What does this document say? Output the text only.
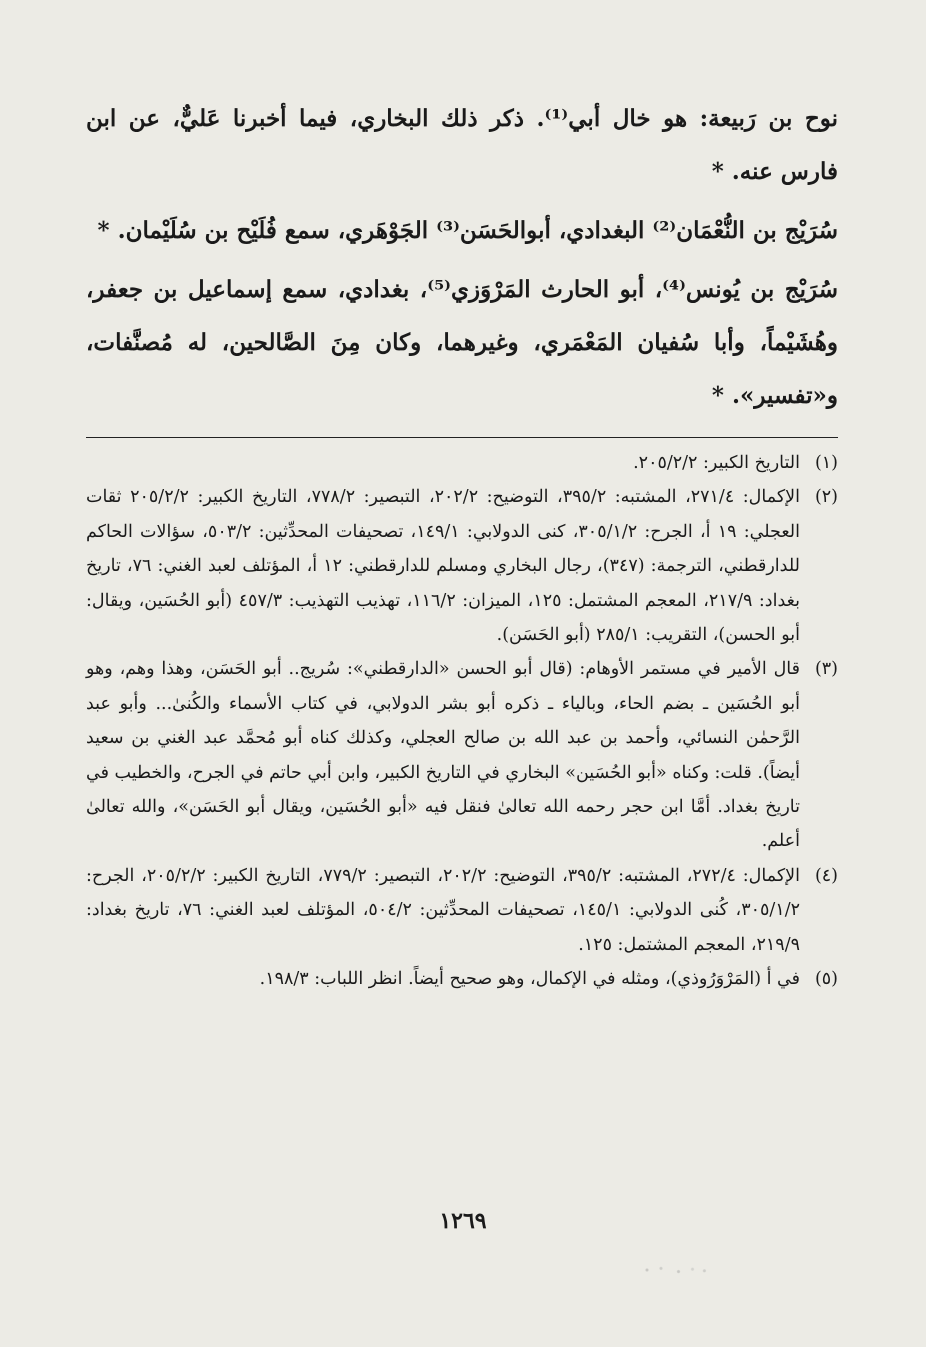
نوح بن رَبيعة: هو خال أبي⁽¹⁾. ذكر ذلك البخاري، فيما أخبرنا عَليٌّ، عن ابن فارس عنه. *

سُرَيْج بن النُّعْمَان⁽²⁾ البغدادي، أبوالحَسَن⁽³⁾ الجَوْهَري، سمع فُلَيْح بن سُلَيْمان. *

سُرَيْج بن يُونس⁽⁴⁾، أبو الحارث المَرْوَزي⁽⁵⁾، بغدادي، سمع إسماعيل بن جعفر، وهُشَيْماً، وأبا سُفيان المَعْمَري، وغيرهما، وكان مِنَ الصَّالحين، له مُصنَّفات، و«تفسير». *

(١)
التاريخ الكبير: ٢٠٥/٢/٢.
(٢)
الإكمال: ٢٧١/٤، المشتبه: ٣٩٥/٢، التوضيح: ٢٠٢/٢، التبصير: ٧٧٨/٢، التاريخ الكبير: ٢٠٥/٢/٢ ثقات العجلي: ١٩ أ، الجرح: ٣٠٥/١/٢، كنى الدولابي: ١٤٩/١، تصحيفات المحدِّثين: ٥٠٣/٢، سؤالات الحاكم للدارقطني، الترجمة: (٣٤٧)، رجال البخاري ومسلم للدارقطني: ١٢ أ، المؤتلف لعبد الغني: ٧٦، تاريخ بغداد: ٢١٧/٩، المعجم المشتمل: ١٢٥، الميزان: ١١٦/٢، تهذيب التهذيب: ٤٥٧/٣ (أبو الحُسَين، ويقال: أبو الحسن)، التقريب: ٢٨٥/١ (أبو الحَسَن).
(٣)
قال الأمير في مستمر الأوهام: (قال أبو الحسن «الدارقطني»: سُريج.. أبو الحَسَن، وهذا وهم، وهو أبو الحُسَين ـ بضم الحاء، وبالياء ـ ذكره أبو بشر الدولابي، في كتاب الأسماء والكُنىٰ... وأبو عبد الرَّحمٰن النسائي، وأحمد بن عبد الله بن صالح العجلي، وكذلك كناه أبو مُحمَّد عبد الغني بن سعيد أيضاً). قلت: وكناه «أبو الحُسَين» البخاري في التاريخ الكبير، وابن أبي حاتم في الجرح، والخطيب في تاريخ بغداد. أمَّا ابن حجر رحمه الله تعالىٰ فنقل فيه «أبو الحُسَين، ويقال أبو الحَسَن»، والله تعالىٰ أعلم.
(٤)
الإكمال: ٢٧٢/٤، المشتبه: ٣٩٥/٢، التوضيح: ٢٠٢/٢، التبصير: ٧٧٩/٢، التاريخ الكبير: ٢٠٥/٢/٢، الجرح: ٣٠٥/١/٢، كُنى الدولابي: ١٤٥/١، تصحيفات المحدِّثين: ٥٠٤/٢، المؤتلف لعبد الغني: ٧٦، تاريخ بغداد: ٢١٩/٩، المعجم المشتمل: ١٢٥.
(٥)
في أ (المَرْوَرُوذي)، ومثله في الإكمال، وهو صحيح أيضاً. انظر اللباب: ١٩٨/٣.
١٢٦٩
